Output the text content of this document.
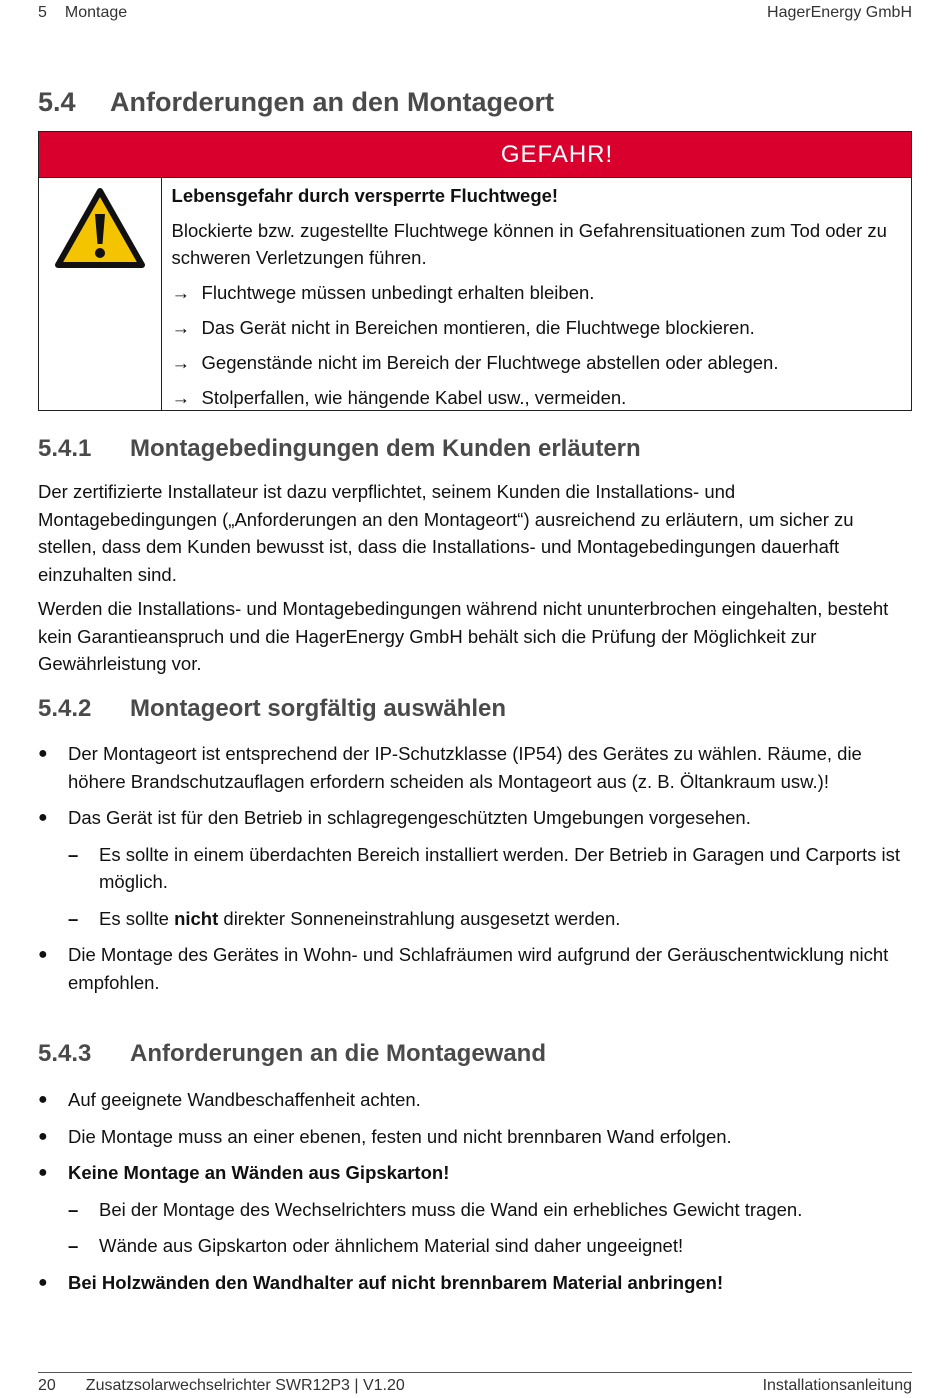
5 Montage	HagerEnergy GmbH
5.4 Anforderungen an den Montageort
GEFAHR!
Lebensgefahr durch versperrte Fluchtwege!
Blockierte bzw. zugestellte Fluchtwege können in Gefahrensituationen zum Tod oder zu schweren Verletzungen führen.
→ Fluchtwege müssen unbedingt erhalten bleiben.
→ Das Gerät nicht in Bereichen montieren, die Fluchtwege blockieren.
→ Gegenstände nicht im Bereich der Fluchtwege abstellen oder ablegen.
→ Stolperfallen, wie hängende Kabel usw., vermeiden.
5.4.1 Montagebedingungen dem Kunden erläutern

Der zertifizierte Installateur ist dazu verpflichtet, seinem Kunden die Installations- und Montagebedingungen („Anforderungen an den Montageort“) ausreichend zu erläutern, um sicher zu stellen, dass dem Kunden bewusst ist, dass die Installations- und Montagebedingungen dauerhaft einzuhalten sind.

Werden die Installations- und Montagebedingungen während nicht ununterbrochen eingehalten, besteht kein Garantieanspruch und die HagerEnergy GmbH behält sich die Prüfung der Möglichkeit zur Gewährleistung vor.

5.4.2 Montageort sorgfältig auswählen
●	Der Montageort ist entsprechend der IP-Schutzklasse (IP54) des Gerätes zu wählen. Räume, die höhere Brandschutzauflagen erfordern scheiden als Montageort aus (z. B. Öltankraum usw.)!
●	Das Gerät ist für den Betrieb in schlagregengeschützten Umgebungen vorgesehen.
–	Es sollte in einem überdachten Bereich installiert werden. Der Betrieb in Garagen und Carports ist möglich.
–	Es sollte nicht direkter Sonneneinstrahlung ausgesetzt werden.
●	Die Montage des Gerätes in Wohn- und Schlafräumen wird aufgrund der Geräuschentwicklung nicht empfohlen.
5.4.3 Anforderungen an die Montagewand
●	Auf geeignete Wandbeschaffenheit achten.
●	Die Montage muss an einer ebenen, festen und nicht brennbaren Wand erfolgen.
●	Keine Montage an Wänden aus Gipskarton!
–	Bei der Montage des Wechselrichters muss die Wand ein erhebliches Gewicht tragen.
–	Wände aus Gipskarton oder ähnlichem Material sind daher ungeeignet!
●	Bei Holzwänden den Wandhalter auf nicht brennbarem Material anbringen!
20 Zusatzsolarwechselrichter SWR12P3 | V1.20	Installationsanleitung
